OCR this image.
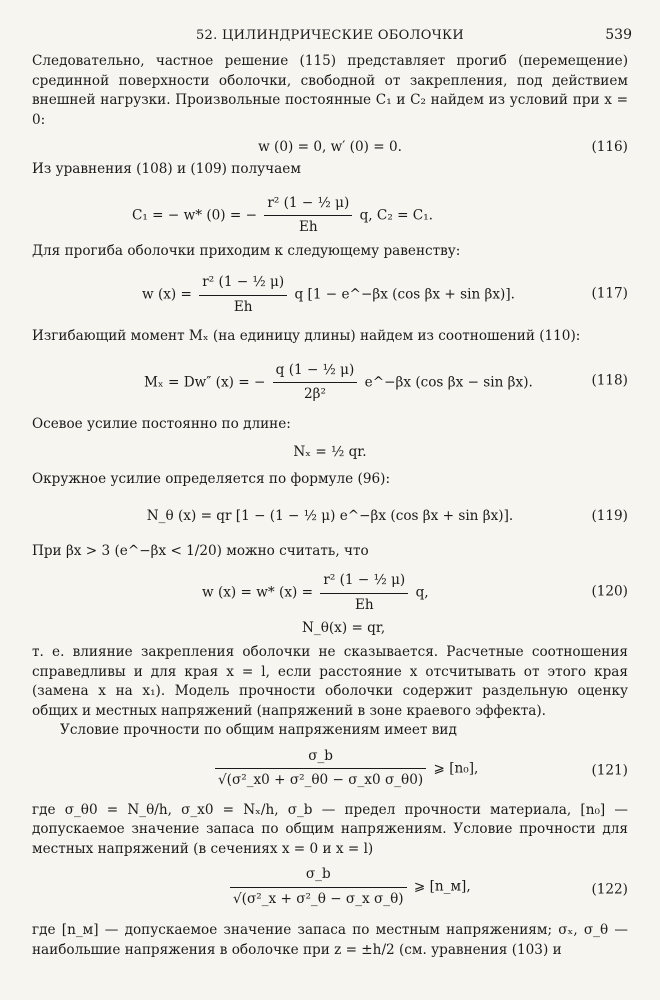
52. ЦИЛИНДРИЧЕСКИЕ ОБОЛОЧКИ	539

Следовательно, частное решение (115) представляет прогиб (перемещение) срединной поверхности оболочки, свободной от закрепления, под действием внешней нагрузки. Произвольные постоянные C₁ и C₂ найдем из условий при x = 0:

w (0) = 0, w′ (0) = 0.	(116)

Из уравнения (108) и (109) получаем

C₁ = − w* (0) = − $\frac{\text{r² (1 − ½ μ)}}{Eh} q$, C₂ = C₁.

Для прогиба оболочки приходим к следующему равенству:

w $(x) = \frac{\text{r² (1 − ½ μ)}}{Eh}$ q [1 − e^−βx (cos βx + sin βx)].	(117)

Изгибающий момент Mₓ (на единицу длины) найдем из соотношений (110):

Mₓ = Dw″ (x) = − $\frac{\text{q (1 − ½ μ)}}{\text{2β²}}$ e^−βx (cos βx − sin βx).	(118)

Осевое усилие постоянно по длине:

Nₓ = ½ qr.

Окружное усилие определяется по формуле (96):

N_θ (x) = qr [1 − (1 − ½ μ) e^−βx (cos βx + sin βx)].	(119)

При βx > 3 (e^−βx < 1/20) можно считать, что

w (x) = w* $(x) = \frac{\text{r² (1 − ½ μ)}}{Eh} q$,
N_θ(x) = qr,
(120)

т. е. влияние закрепления оболочки не сказывается. Расчетные соотношения справедливы и для края x = l, если расстояние x отсчитывать от этого края (замена x на x₁). Модель прочности оболочки содержит раздельную оценку общих и местных напряжений (напряжений в зоне краевого эффекта).

Условие прочности по общим напряжениям имеет вид

$\frac{\sigma\_b}{\text{√(σ²\_x0 + σ²\_θ0 − σ\_x0 σ\_θ0)}}$ ⩾ [n₀],	(121)

где σ_θ0 = N_θ/h, σ_x0 = Nₓ/h, σ_b — предел прочности материала, [n₀] — допускаемое значение запаса по общим напряжениям. Условие прочности для местных напряжений (в сечениях x = 0 и x = l)

$\frac{\sigma\_b}{\text{√(σ²\_x + σ²\_θ − σ\_x σ\_θ)}}$ ⩾ [n_м],	(122)

где [n_м] — допускаемое значение запаса по местным напряжениям; σₓ, σ_θ — наибольшие напряжения в оболочке при z = ±h/2 (см. уравнения (103) и
